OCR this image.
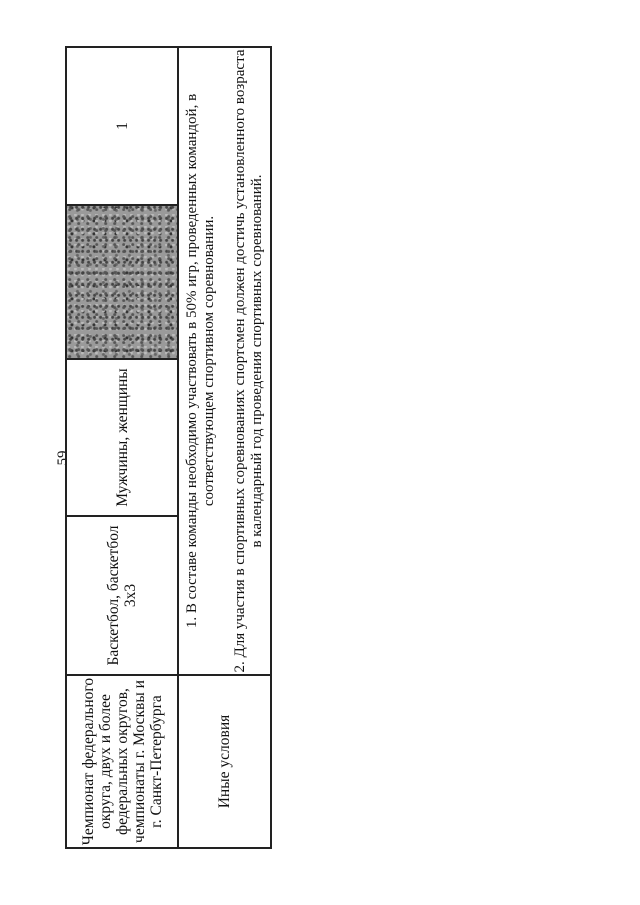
59
Чемпионат федерального округа, двух и более федеральных округов, чемпионаты г. Москвы и г. Санкт-Петербурга	Баскетбол, баскетбол 3х3	Мужчины, женщины		1
Иные условия	1. В составе команды необходимо участвовать в 50% игр, проведенных командой, в соответствующем спортивном соревновании. 2. Для участия в спортивных соревнованиях спортсмен должен достичь установленного возраста в календарный год проведения спортивных соревнований.			
